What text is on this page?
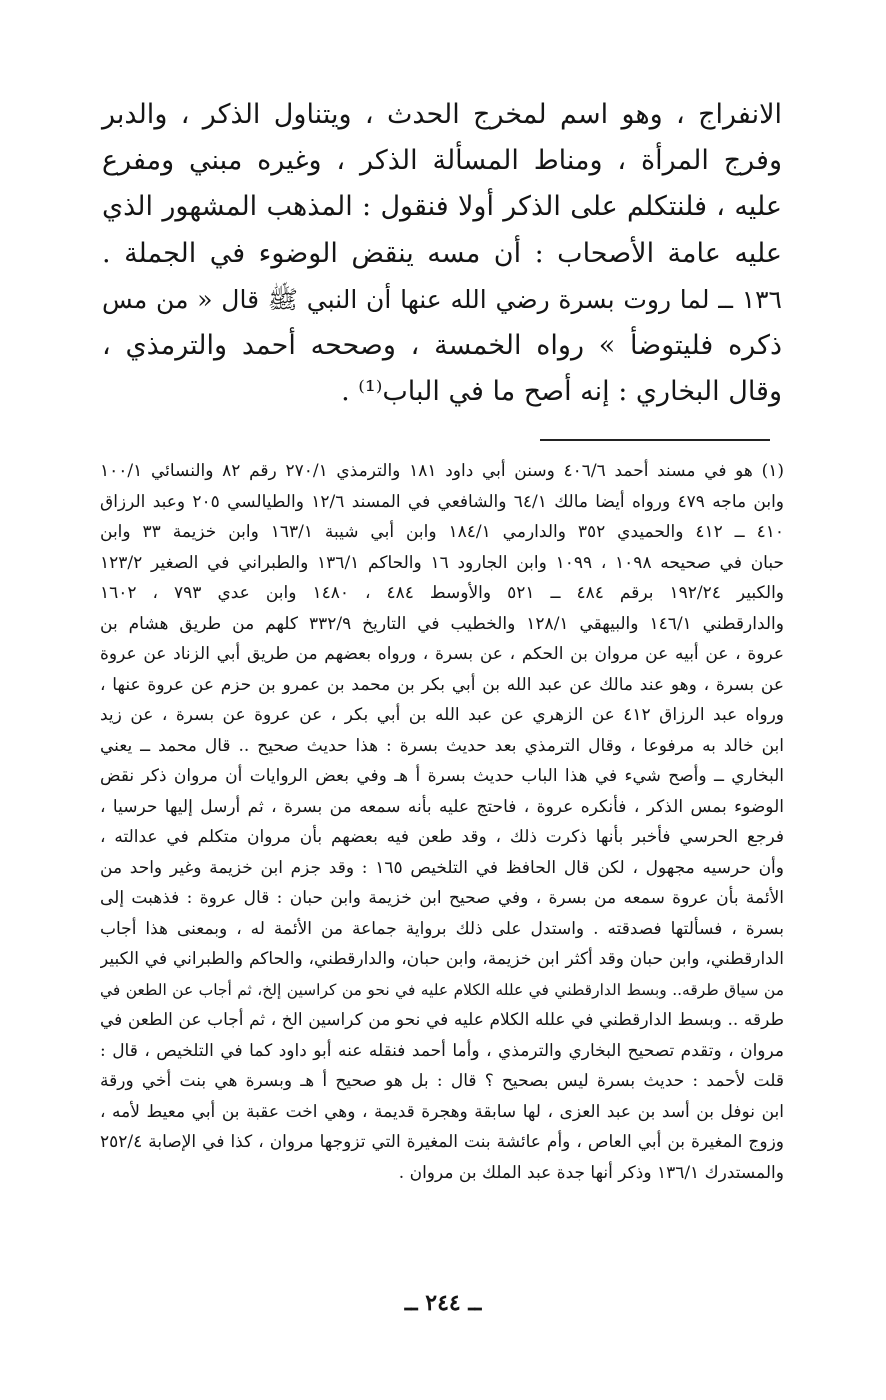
الانفراج ، وهو اسم لمخرج الحدث ، ويتناول الذكر ، والدبر
وفرج المرأة ، ومناط المسألة الذكر ، وغيره مبني ومفرع
عليه ، فلنتكلم على الذكر أولا فنقول : المذهب المشهور الذي
عليه عامة الأصحاب : أن مسه ينقض الوضوء في الجملة .
١٣٦ ــ لما روت بسرة رضي الله عنها أن النبي ﷺ قال « من مس
ذكره فليتوضأ » رواه الخمسة ، وصححه أحمد والترمذي ،
وقال البخاري : إنه أصح ما في الباب⁽¹⁾ .
(١) هو في مسند أحمد ٤٠٦/٦ وسنن أبي داود ١٨١ والترمذي ٢٧٠/١ رقم ٨٢ والنسائي ١٠٠/١
وابن ماجه ٤٧٩ ورواه أيضا مالك ٦٤/١ والشافعي في المسند ١٢/٦ والطيالسي ٢٠٥ وعبد الرزاق
٤١٠ ــ ٤١٢ والحميدي ٣٥٢ والدارمي ١٨٤/١ وابن أبي شيبة ١٦٣/١ وابن خزيمة ٣٣ وابن
حبان في صحيحه ١٠٩٨ ، ١٠٩٩ وابن الجارود ١٦ والحاكم ١٣٦/١ والطبراني في الصغير ١٢٣/٢
والكبير ١٩٢/٢٤ برقم ٤٨٤ ــ ٥٢١ والأوسط ٤٨٤ ، ١٤٨٠ وابن عدي ٧٩٣ ، ١٦٠٢
والدارقطني ١٤٦/١ والبيهقي ١٢٨/١ والخطيب في التاريخ ٣٣٢/٩ كلهم من طريق هشام بن
عروة ، عن أبيه عن مروان بن الحكم ، عن بسرة ، ورواه بعضهم من طريق أبي الزناد عن عروة
عن بسرة ، وهو عند مالك عن عبد الله بن أبي بكر بن محمد بن عمرو بن حزم عن عروة عنها ،
ورواه عبد الرزاق ٤١٢ عن الزهري عن عبد الله بن أبي بكر ، عن عروة عن بسرة ، عن زيد
ابن خالد به مرفوعا ، وقال الترمذي بعد حديث بسرة : هذا حديث صحيح .. قال محمد ــ يعني
البخاري ــ وأصح شيء في هذا الباب حديث بسرة أ هـ وفي بعض الروايات أن مروان ذكر نقض
الوضوء بمس الذكر ، فأنكره عروة ، فاحتج عليه بأنه سمعه من بسرة ، ثم أرسل إليها حرسيا ،
فرجع الحرسي فأخبر بأنها ذكرت ذلك ، وقد طعن فيه بعضهم بأن مروان متكلم في عدالته ،
وأن حرسيه مجهول ، لكن قال الحافظ في التلخيص ١٦٥ : وقد جزم ابن خزيمة وغير واحد من
الأئمة بأن عروة سمعه من بسرة ، وفي صحيح ابن خزيمة وابن حبان : قال عروة : فذهبت إلى
بسرة ، فسألتها فصدقته . واستدل على ذلك برواية جماعة من الأئمة له ، وبمعنى هذا أجاب
الدارقطني، وابن حبان وقد أكثر ابن خزيمة، وابن حبان، والدارقطني، والحاكم والطبراني في الكبير
من سياق طرقه.. وبسط الدارقطني في علله الكلام عليه في نحو من كراسين إلخ، ثم أجاب عن الطعن في
طرقه .. وبسط الدارقطني في علله الكلام عليه في نحو من كراسين الخ ، ثم أجاب عن الطعن في
مروان ، وتقدم تصحيح البخاري والترمذي ، وأما أحمد فنقله عنه أبو داود كما في التلخيص ، قال :
قلت لأحمد : حديث بسرة ليس بصحيح ؟ قال : بل هو صحيح أ هـ وبسرة هي بنت أخي ورقة
ابن نوفل بن أسد بن عبد العزى ، لها سابقة وهجرة قديمة ، وهي اخت عقبة بن أبي معيط لأمه ،
وزوج المغيرة بن أبي العاص ، وأم عائشة بنت المغيرة التي تزوجها مروان ، كذا في الإصابة ٢٥٢/٤
والمستدرك ١٣٦/١ وذكر أنها جدة عبد الملك بن مروان .
ــ ٢٤٤ ــ
